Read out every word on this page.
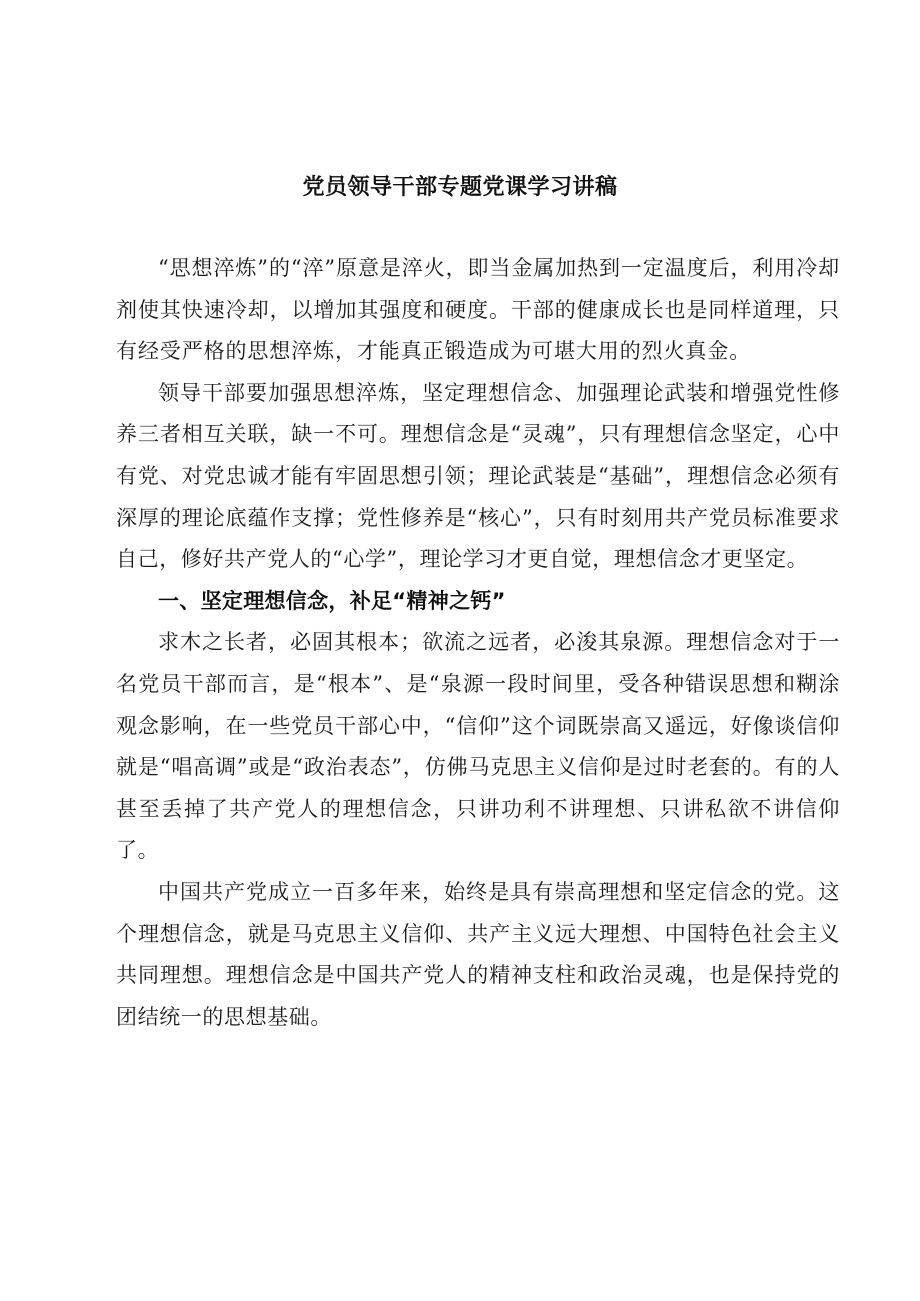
党员领导干部专题党课学习讲稿

“思想淬炼”的“淬”原意是淬火，即当金属加热到一定温度后，利用冷却剂使其快速冷却，以增加其强度和硬度。干部的健康成长也是同样道理，只有经受严格的思想淬炼，才能真正锻造成为可堪大用的烈火真金。

领导干部要加强思想淬炼，坚定理想信念、加强理论武装和增强党性修养三者相互关联，缺一不可。理想信念是“灵魂”，只有理想信念坚定，心中有党、对党忠诚才能有牢固思想引领；理论武装是“基础”，理想信念必须有深厚的理论底蕴作支撑；党性修养是“核心”，只有时刻用共产党员标准要求自己，修好共产党人的“心学”，理论学习才更自觉，理想信念才更坚定。

一、坚定理想信念，补足“精神之钙”

求木之长者，必固其根本；欲流之远者，必浚其泉源。理想信念对于一名党员干部而言，是“根本”、是“泉源一段时间里，受各种错误思想和糊涂观念影响，在一些党员干部心中，“信仰”这个词既崇高又遥远，好像谈信仰就是“唱高调”或是“政治表态”，仿佛马克思主义信仰是过时老套的。有的人甚至丢掉了共产党人的理想信念，只讲功利不讲理想、只讲私欲不讲信仰了。

中国共产党成立一百多年来，始终是具有崇高理想和坚定信念的党。这个理想信念，就是马克思主义信仰、共产主义远大理想、中国特色社会主义共同理想。理想信念是中国共产党人的精神支柱和政治灵魂，也是保持党的团结统一的思想基础。
